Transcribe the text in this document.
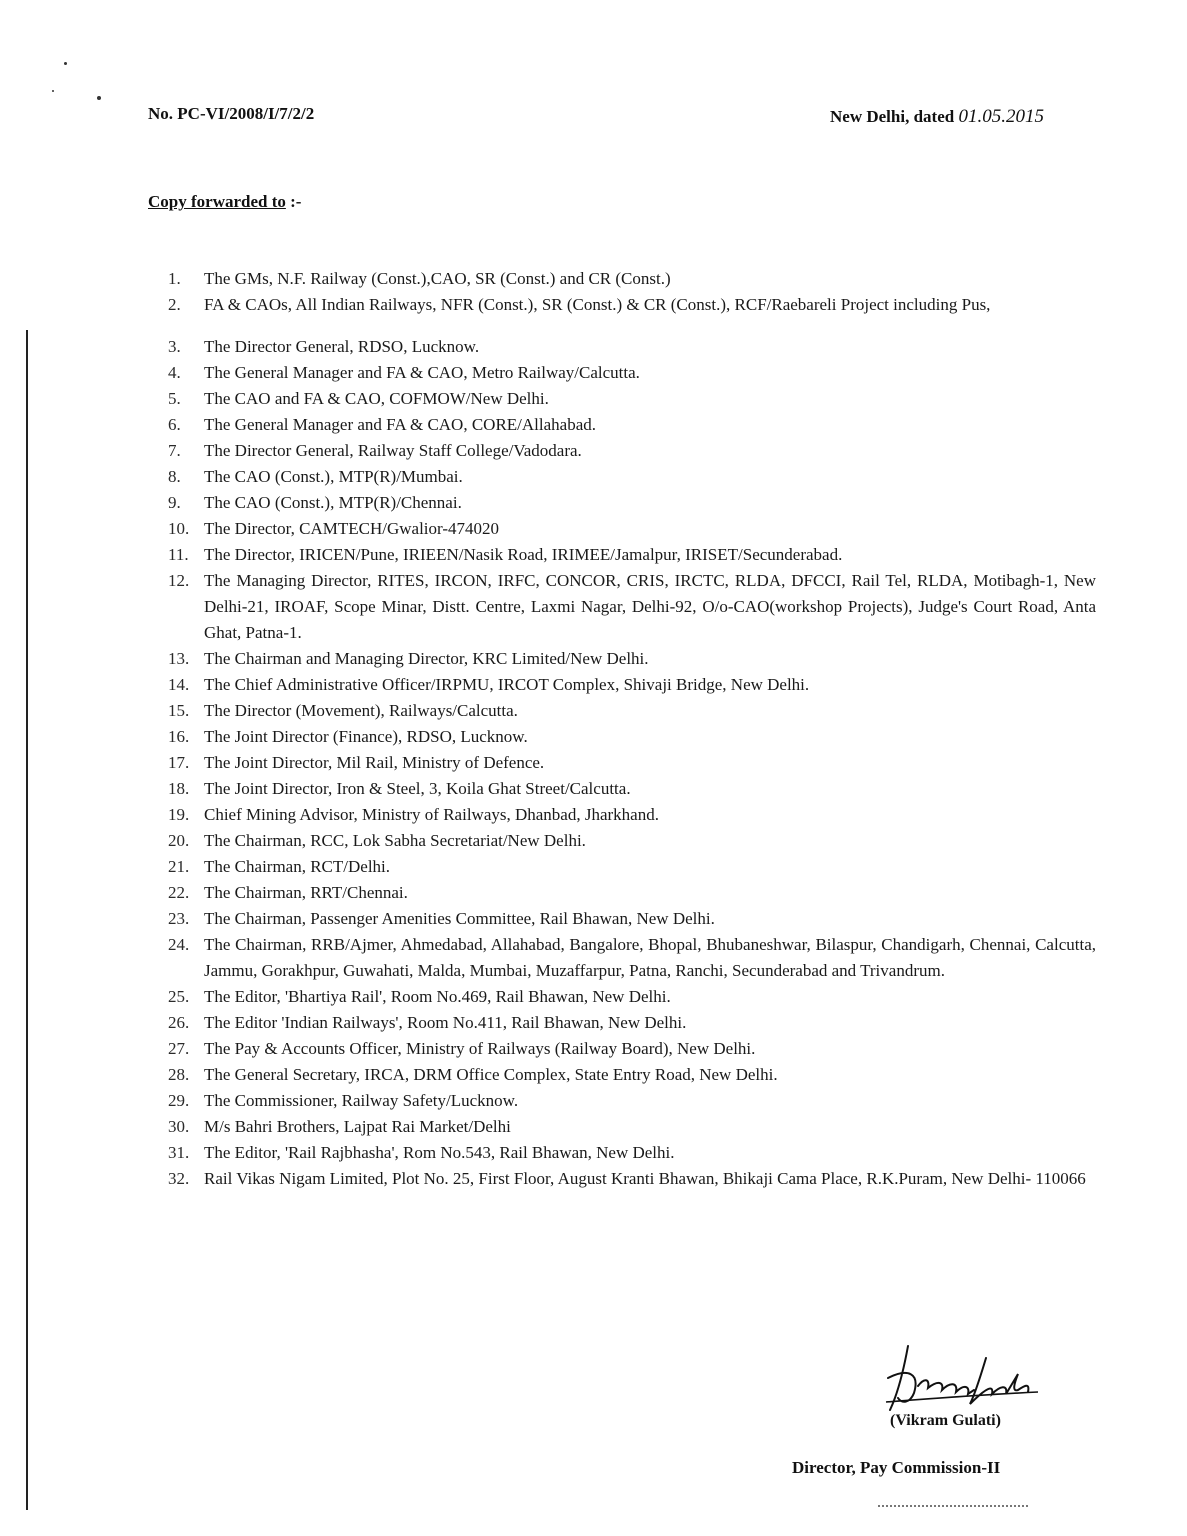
No. PC-VI/2008/I/7/2/2	New Delhi, dated 01.05.2015
Copy forwarded to :-
1.	The GMs, N.F. Railway (Const.),CAO, SR (Const.) and CR (Const.)
2.	FA & CAOs, All Indian Railways, NFR (Const.), SR (Const.) & CR (Const.), RCF/Raebareli Project including Pus,
3.	The Director General, RDSO, Lucknow.
4.	The General Manager and FA & CAO, Metro Railway/Calcutta.
5.	The CAO and FA & CAO, COFMOW/New Delhi.
6.	The General Manager and FA & CAO, CORE/Allahabad.
7.	The Director General, Railway Staff College/Vadodara.
8.	The CAO (Const.), MTP(R)/Mumbai.
9.	The CAO (Const.), MTP(R)/Chennai.
10. The Director, CAMTECH/Gwalior-474020
11. The Director, IRICEN/Pune, IRIEEN/Nasik Road, IRIMEE/Jamalpur, IRISET/Secunderabad.
12. The Managing Director, RITES, IRCON, IRFC, CONCOR, CRIS, IRCTC, RLDA, DFCCI, Rail Tel, RLDA, Motibagh-1, New Delhi-21, IROAF, Scope Minar, Distt. Centre, Laxmi Nagar, Delhi-92, O/o-CAO(workshop Projects), Judge's Court Road, Anta Ghat, Patna-1.
13. The Chairman and Managing Director, KRC Limited/New Delhi.
14. The Chief Administrative Officer/IRPMU, IRCOT Complex, Shivaji Bridge, New Delhi.
15. The Director (Movement), Railways/Calcutta.
16. The Joint Director (Finance), RDSO, Lucknow.
17. The Joint Director, Mil Rail, Ministry of Defence.
18. The Joint Director, Iron & Steel, 3, Koila Ghat Street/Calcutta.
19. Chief Mining Advisor, Ministry of Railways, Dhanbad, Jharkhand.
20. The Chairman, RCC, Lok Sabha Secretariat/New Delhi.
21. The Chairman, RCT/Delhi.
22. The Chairman, RRT/Chennai.
23. The Chairman, Passenger Amenities Committee, Rail Bhawan, New Delhi.
24. The Chairman, RRB/Ajmer, Ahmedabad, Allahabad, Bangalore, Bhopal, Bhubaneshwar, Bilaspur, Chandigarh, Chennai, Calcutta, Jammu, Gorakhpur, Guwahati, Malda, Mumbai, Muzaffarpur, Patna, Ranchi, Secunderabad and Trivandrum.
25. The Editor, 'Bhartiya Rail', Room No.469, Rail Bhawan, New Delhi.
26. The Editor 'Indian Railways', Room No.411, Rail Bhawan, New Delhi.
27. The Pay & Accounts Officer, Ministry of Railways (Railway Board), New Delhi.
28. The General Secretary, IRCA, DRM Office Complex, State Entry Road, New Delhi.
29. The Commissioner, Railway Safety/Lucknow.
30. M/s Bahri Brothers, Lajpat Rai Market/Delhi
31. The Editor, 'Rail Rajbhasha', Rom No.543, Rail Bhawan, New Delhi.
32. Rail Vikas Nigam Limited, Plot No. 25, First Floor, August Kranti Bhawan, Bhikaji Cama Place, R.K.Puram, New Delhi- 110066
(Vikram Gulati)
Director, Pay Commission-II
